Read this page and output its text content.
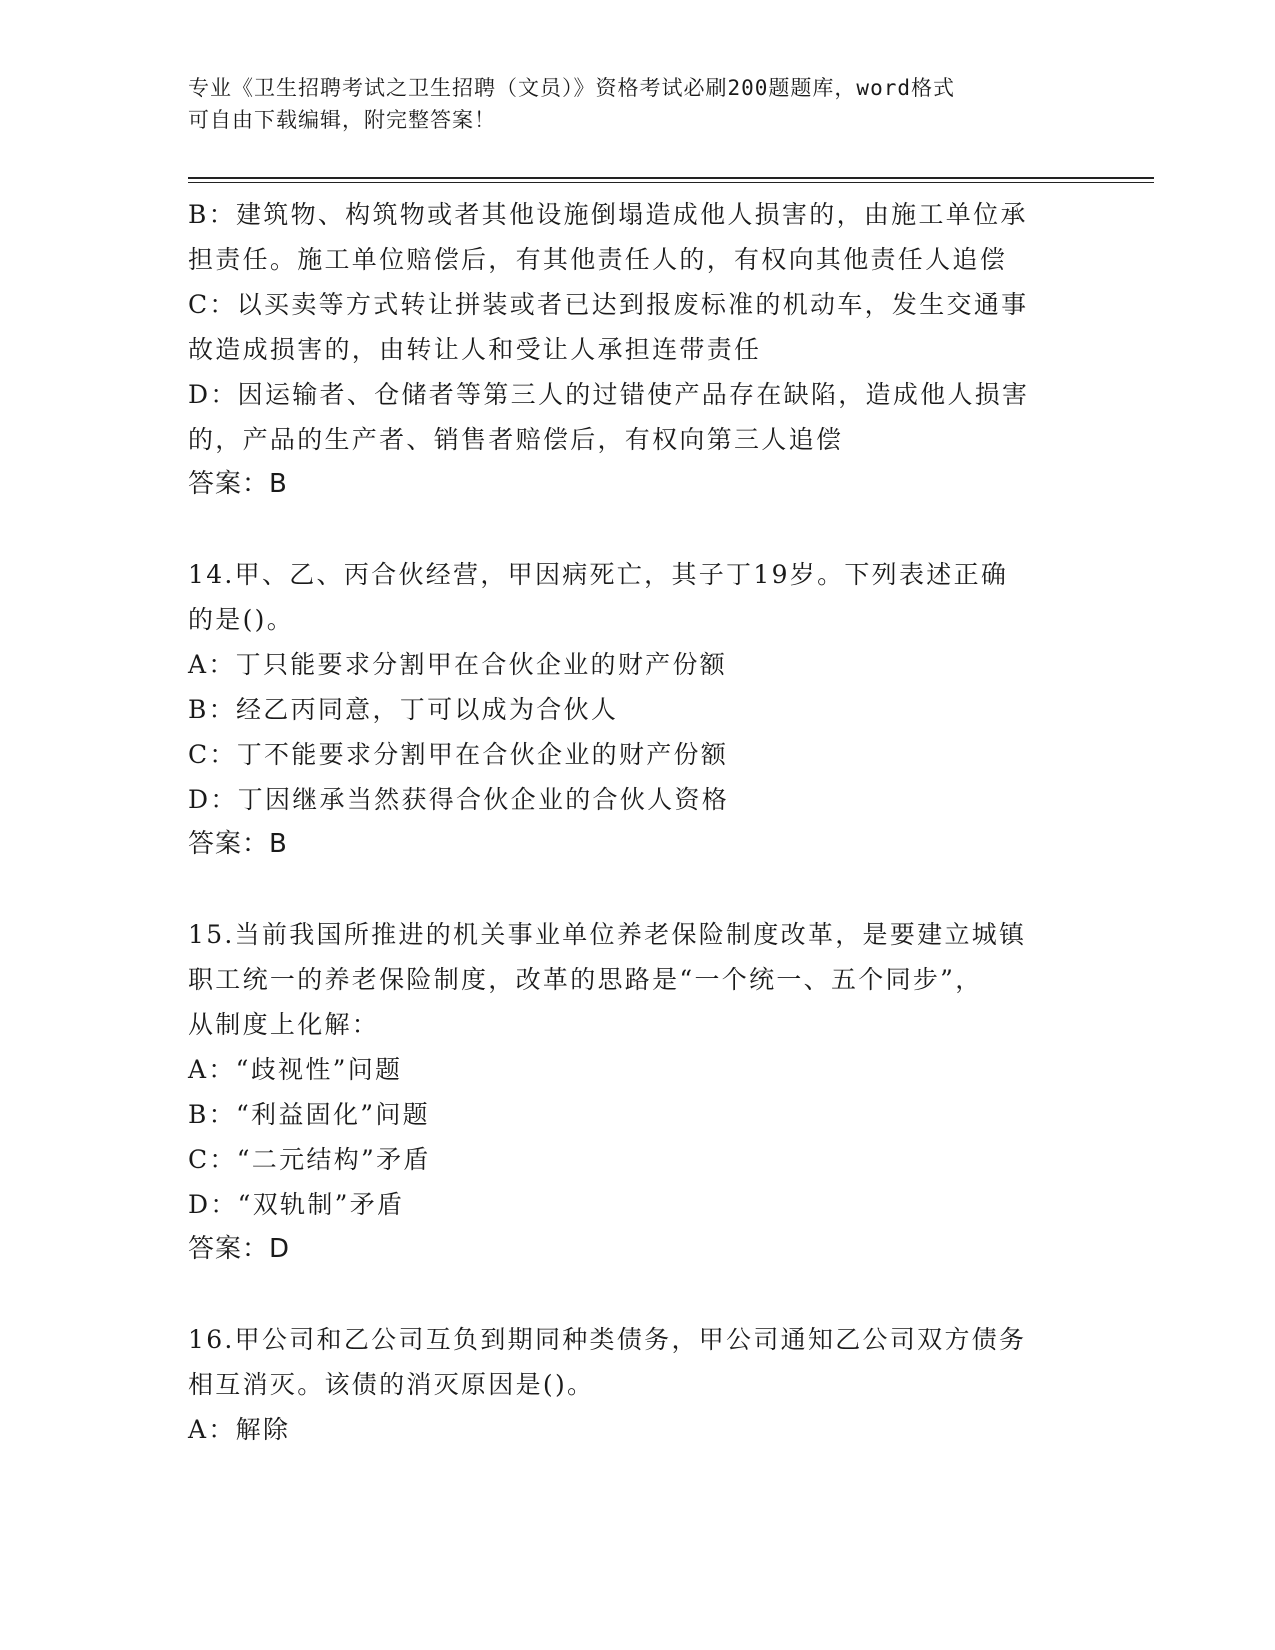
专业《卫生招聘考试之卫生招聘（文员）》资格考试必刷200题题库，word格式
可自由下载编辑，附完整答案！
B：建筑物、构筑物或者其他设施倒塌造成他人损害的，由施工单位承
担责任。施工单位赔偿后，有其他责任人的，有权向其他责任人追偿
C：以买卖等方式转让拼装或者已达到报废标准的机动车，发生交通事
故造成损害的，由转让人和受让人承担连带责任
D：因运输者、仓储者等第三人的过错使产品存在缺陷，造成他人损害
的，产品的生产者、销售者赔偿后，有权向第三人追偿
答案：B
14.甲、乙、丙合伙经营，甲因病死亡，其子丁19岁。下列表述正确
的是()。
A：丁只能要求分割甲在合伙企业的财产份额
B：经乙丙同意，丁可以成为合伙人
C：丁不能要求分割甲在合伙企业的财产份额
D：丁因继承当然获得合伙企业的合伙人资格
答案：B
15.当前我国所推进的机关事业单位养老保险制度改革，是要建立城镇
职工统一的养老保险制度，改革的思路是“一个统一、五个同步”，
从制度上化解：
A：“歧视性”问题
B：“利益固化”问题
C：“二元结构”矛盾
D：“双轨制”矛盾
答案：D
16.甲公司和乙公司互负到期同种类债务，甲公司通知乙公司双方债务
相互消灭。该债的消灭原因是()。
A：解除
